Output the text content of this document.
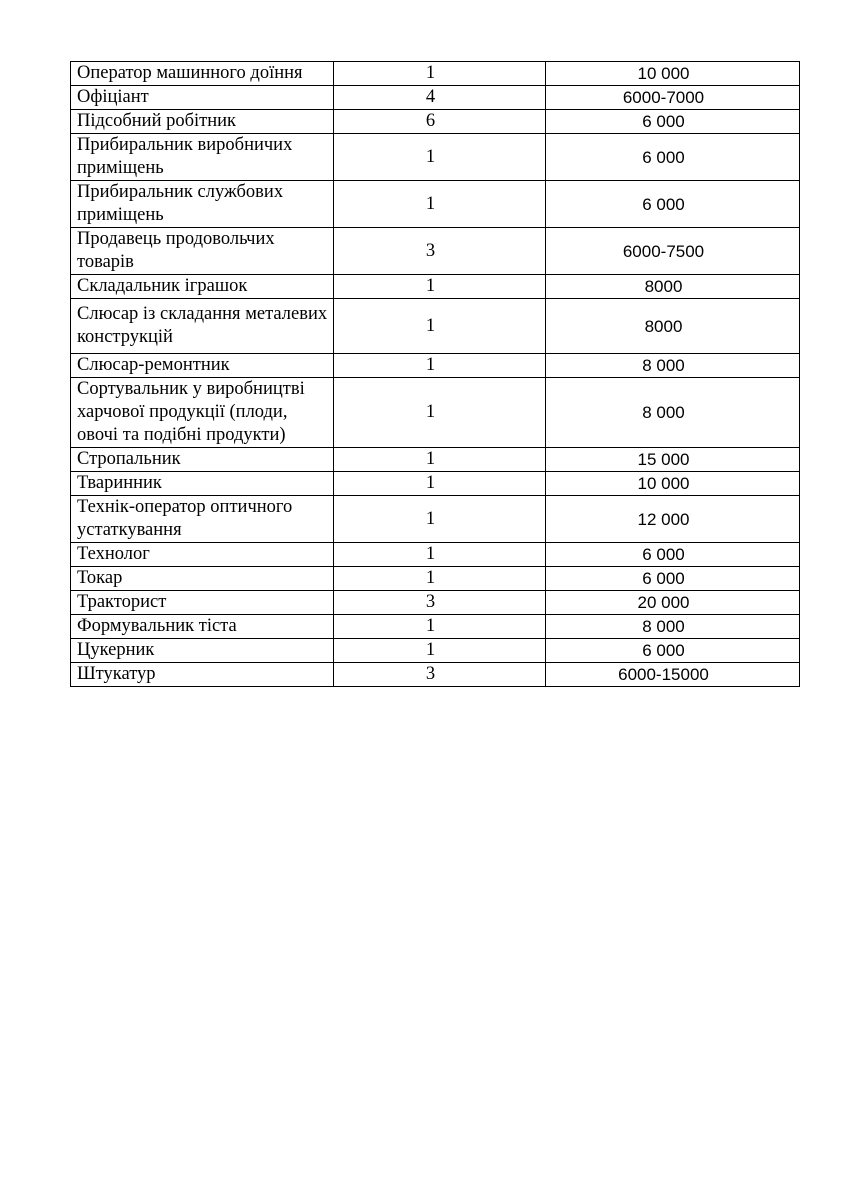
Оператор машинного доїння	1	10 000
Офіціант	4	6000-7000
Підсобний робітник	6	6 000
Прибиральник виробничих приміщень	1	6 000
Прибиральник службових приміщень	1	6 000
Продавець продовольчих товарів	3	6000-7500
Складальник іграшок	1	8000
Слюсар із складання металевих конструкцій	1	8000
Слюсар-ремонтник	1	8 000
Сортувальник у виробництві харчової продукції (плоди, овочі та подібні продукти)	1	8 000
Стропальник	1	15 000
Тваринник	1	10 000
Технік-оператор оптичного устаткування	1	12 000
Технолог	1	6 000
Токар	1	6 000
Тракторист	3	20 000
Формувальник тіста	1	8 000
Цукерник	1	6 000
Штукатур	3	6000-15000
